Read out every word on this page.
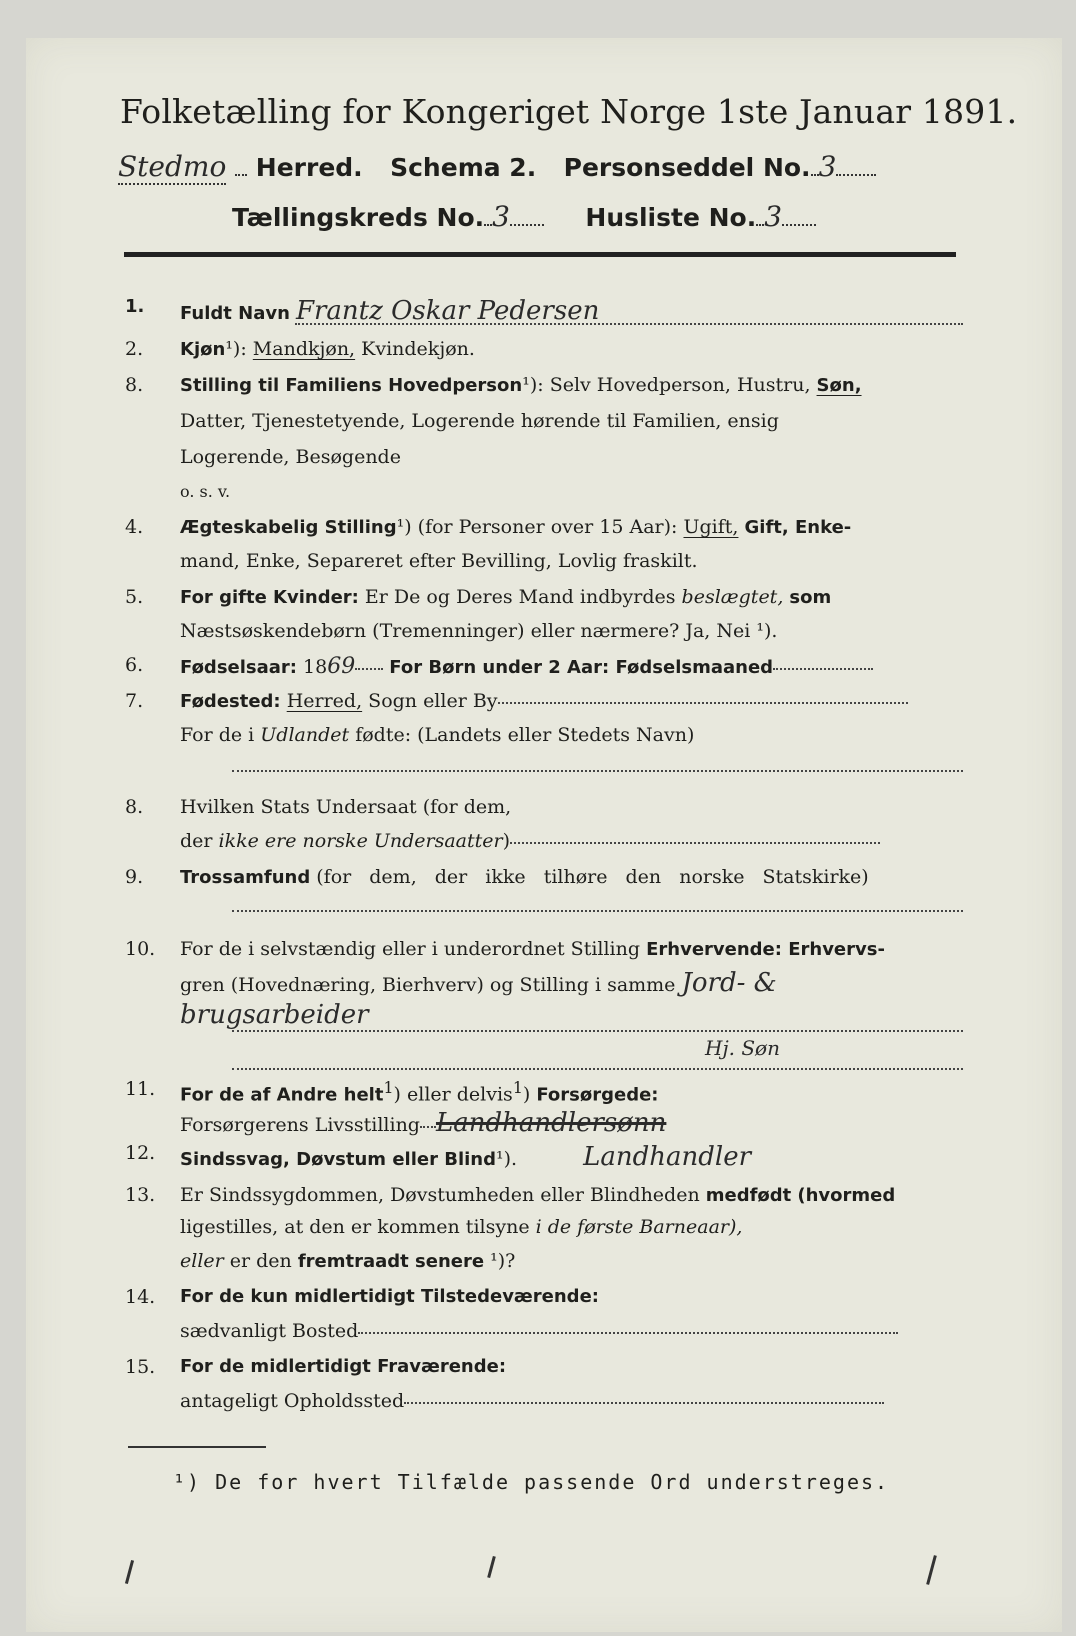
Folketælling for Kongeriget Norge 1ste Januar 1891.
Stedmo Herred. Schema 2. Personseddel No. 3
Tællingskreds No. 3	Husliste No. 3
1.	Fuldt Navn Frantz Oskar Pedersen
2.	Kjøn¹): Mandkjøn, Kvindekjøn.
8.	Stilling til Familiens Hovedperson¹): Selv Hovedperson, Hustru, Søn,
Datter, Tjenestetyende, Logerende hørende til Familien, ensig
Logerende, Besøgende
o. s. v.
4.	Ægteskabelig Stilling¹) (for Personer over 15 Aar): Ugift, Gift, Enke-
mand, Enke, Separeret efter Bevilling, Lovlig fraskilt.
5.	For gifte Kvinder: Er De og Deres Mand indbyrdes beslægtet, som
Næstsøskendebørn (Tremenninger) eller nærmere? Ja, Nei ¹).
6.	Fødselsaar: 1869 For Børn under 2 Aar: Fødselsmaaned
7.	Fødested: Herred, Sogn eller By
For de i Udlandet fødte: (Landets eller Stedets Navn)
8.	Hvilken Stats Undersaat (for dem,
der ikke ere norske Undersaatter)
9.	Trossamfund (for dem, der ikke tilhøre den norske Statskirke)
10.	For de i selvstændig eller i underordnet Stilling Erhvervende: Erhvervs-
gren (Hovednæring, Bierhverv) og Stilling i samme Jord- &
brugsarbeider
Hj. Søn
11.	For de af Andre helt$^1$) eller delvis$^1$) Forsørgede:
Forsørgerens Livsstilling Landhandlersønn
12.	Sindssvag, Døvstum eller Blind¹).	Landhandler
13.	Er Sindssygdommen, Døvstumheden eller Blindheden medfødt (hvormed
ligestilles, at den er kommen tilsyne i de første Barneaar),
eller er den fremtraadt senere ¹)?
14.	For de kun midlertidigt Tilstedeværende:
sædvanligt Bosted
15.	For de midlertidigt Fraværende:
antageligt Opholdssted
¹) De for hvert Tilfælde passende Ord understreges.
